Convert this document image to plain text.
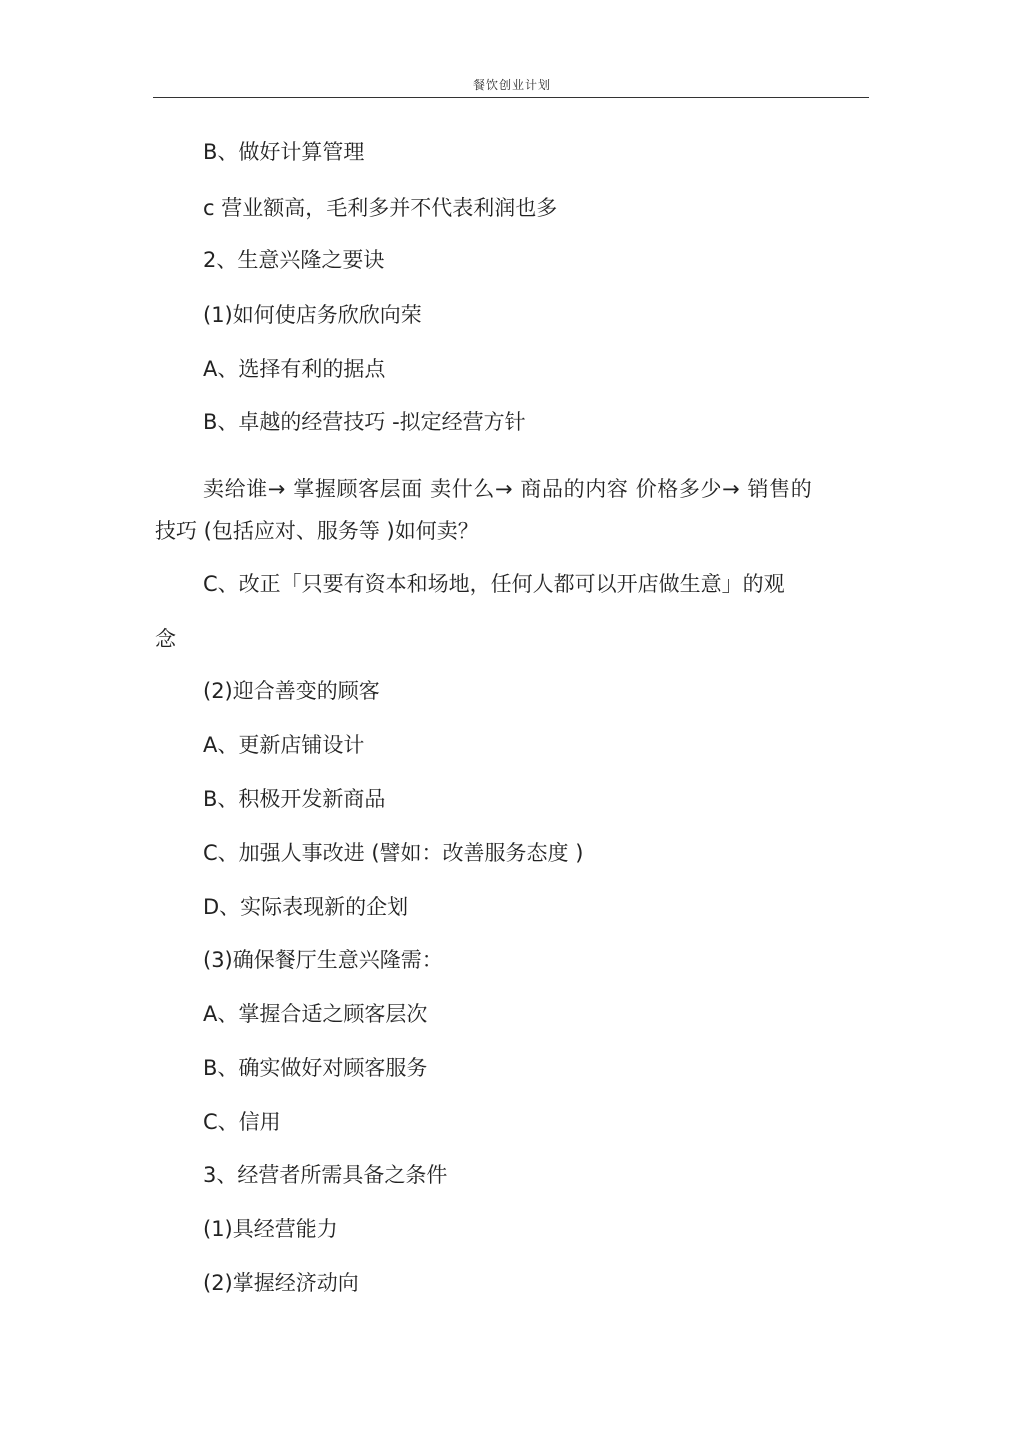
餐饮创业计划
B、做好计算管理
c 营业额高，毛利多并不代表利润也多
2、生意兴隆之要诀
(1)如何使店务欣欣向荣
A、选择有利的据点
B、卓越的经营技巧 -拟定经营方针
卖给谁→ 掌握顾客层面 卖什么→ 商品的内容 价格多少→ 销售的
技巧 (包括应对、服务等 )如何卖？
C、改正「只要有资本和场地，任何人都可以开店做生意」的观
念
(2)迎合善变的顾客
A、更新店铺设计
B、积极开发新商品
C、加强人事改进 (譬如：改善服务态度 )
D、实际表现新的企划
(3)确保餐厅生意兴隆需：
A、掌握合适之顾客层次
B、确实做好对顾客服务
C、信用
3、经营者所需具备之条件
(1)具经营能力
(2)掌握经济动向
